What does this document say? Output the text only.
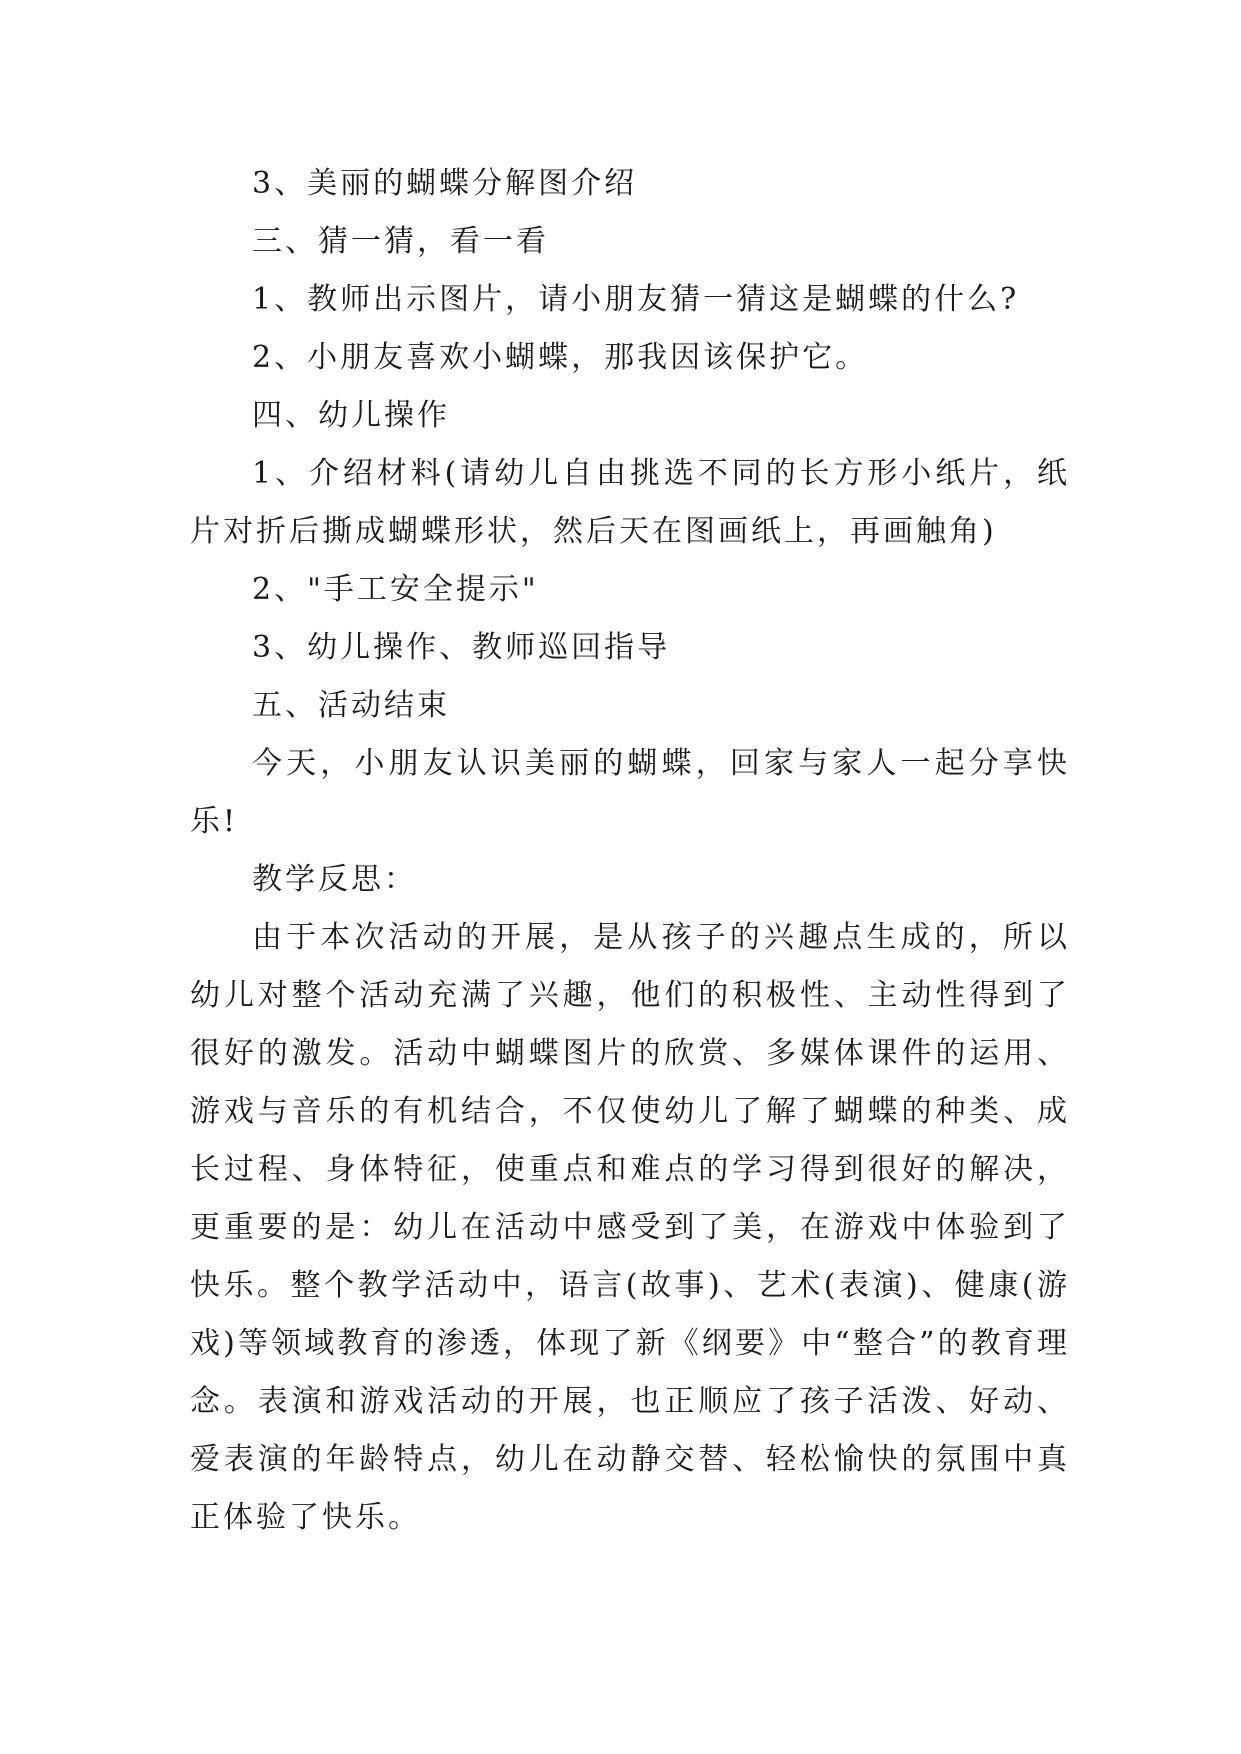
3、美丽的蝴蝶分解图介绍

三、猜一猜，看一看

1、教师出示图片，请小朋友猜一猜这是蝴蝶的什么?

2、小朋友喜欢小蝴蝶，那我因该保护它。

四、幼儿操作

1、介绍材料(请幼儿自由挑选不同的长方形小纸片，纸片对折后撕成蝴蝶形状，然后天在图画纸上，再画触角)

2、"手工安全提示"

3、幼儿操作、教师巡回指导

五、活动结束

今天，小朋友认识美丽的蝴蝶，回家与家人一起分享快乐!

教学反思：

由于本次活动的开展，是从孩子的兴趣点生成的，所以幼儿对整个活动充满了兴趣，他们的积极性、主动性得到了很好的激发。活动中蝴蝶图片的欣赏、多媒体课件的运用、游戏与音乐的有机结合，不仅使幼儿了解了蝴蝶的种类、成长过程、身体特征，使重点和难点的学习得到很好的解决，更重要的是：幼儿在活动中感受到了美，在游戏中体验到了快乐。整个教学活动中，语言(故事)、艺术(表演)、健康(游戏)等领域教育的渗透，体现了新《纲要》中“整合”的教育理念。表演和游戏活动的开展，也正顺应了孩子活泼、好动、爱表演的年龄特点，幼儿在动静交替、轻松愉快的氛围中真正体验了快乐。
